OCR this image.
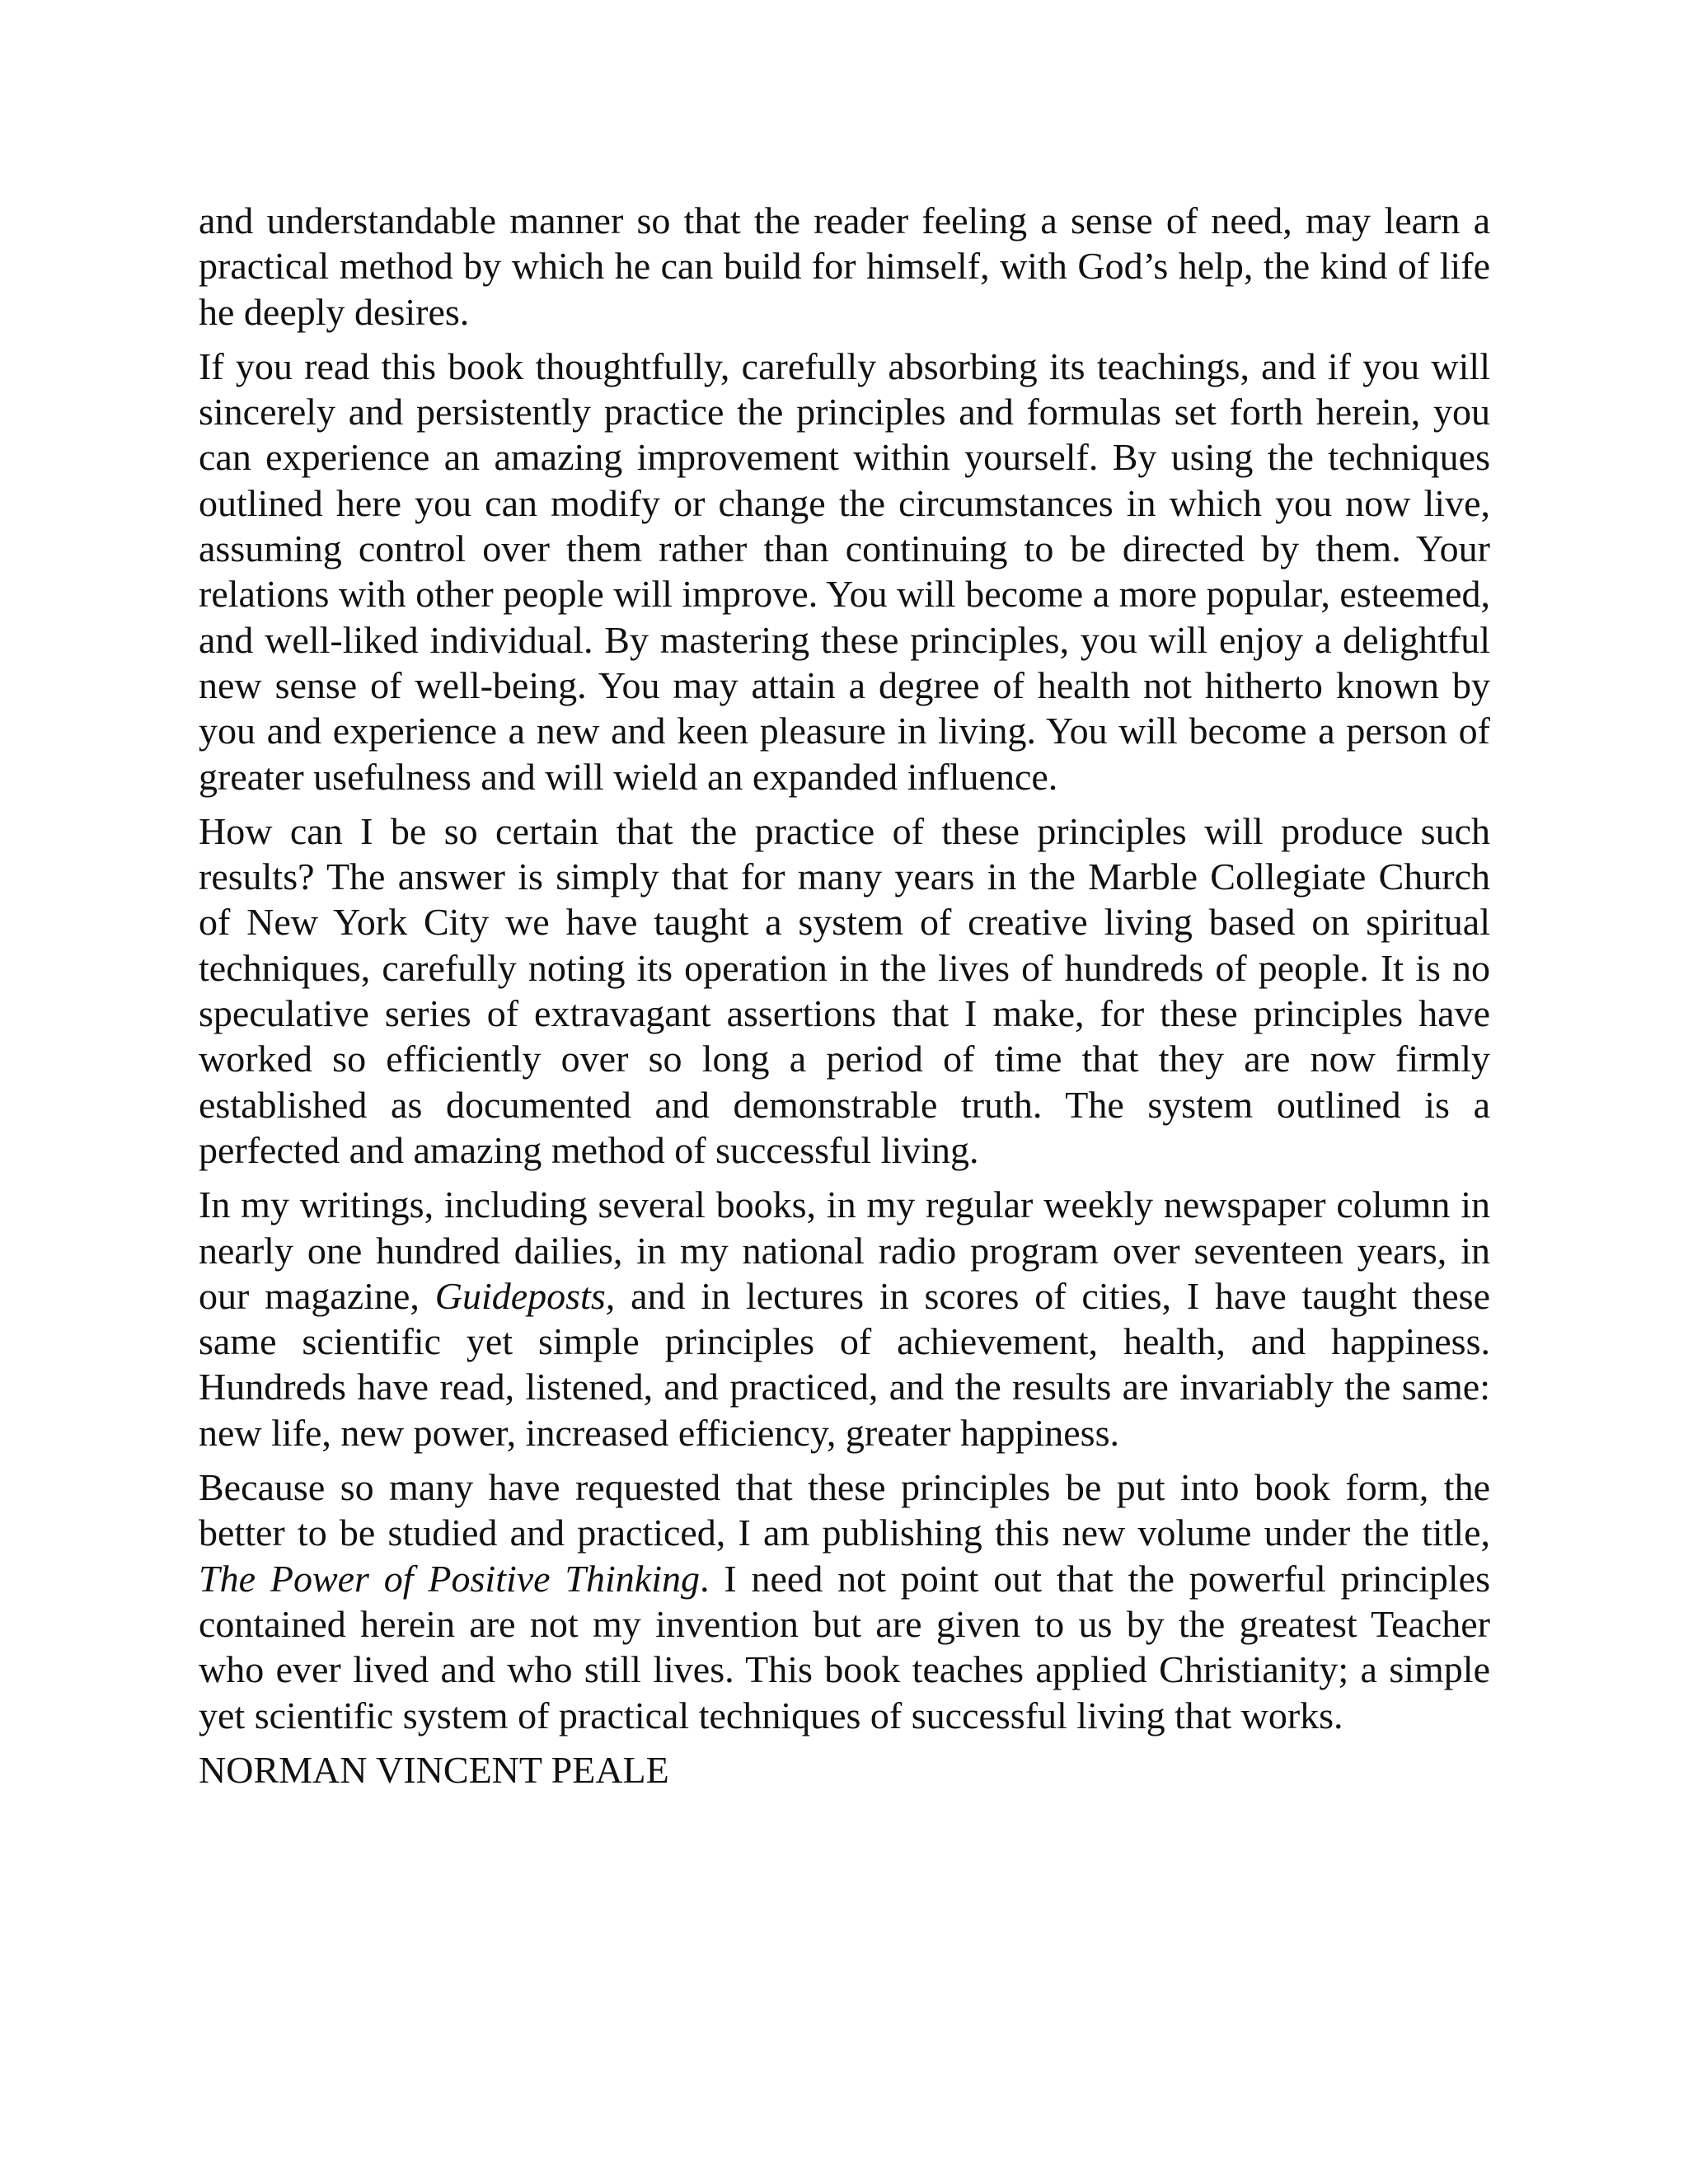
and understandable manner so that the reader feeling a sense of need, may learn a practical method by which he can build for himself, with God’s help, the kind of life he deeply desires.

If you read this book thoughtfully, carefully absorbing its teachings, and if you will sincerely and persistently practice the principles and formulas set forth herein, you can experience an amazing improvement within yourself. By using the techniques outlined here you can modify or change the circumstances in which you now live, assuming control over them rather than continuing to be directed by them. Your relations with other people will improve. You will become a more popular, esteemed, and well-liked individual. By mastering these principles, you will enjoy a delightful new sense of well-being. You may attain a degree of health not hitherto known by you and experience a new and keen pleasure in living. You will become a person of greater usefulness and will wield an expanded influence.

How can I be so certain that the practice of these principles will produce such results? The answer is simply that for many years in the Marble Collegiate Church of New York City we have taught a system of creative living based on spiritual techniques, carefully noting its operation in the lives of hundreds of people. It is no speculative series of extravagant assertions that I make, for these principles have worked so efficiently over so long a period of time that they are now firmly established as documented and demonstrable truth. The system outlined is a perfected and amazing method of successful living.

In my writings, including several books, in my regular weekly newspaper column in nearly one hundred dailies, in my national radio program over seventeen years, in our magazine, Guideposts, and in lectures in scores of cities, I have taught these same scientific yet simple principles of achievement, health, and happiness. Hundreds have read, listened, and practiced, and the results are invariably the same: new life, new power, increased efficiency, greater happiness.

Because so many have requested that these principles be put into book form, the better to be studied and practiced, I am publishing this new volume under the title, The Power of Positive Thinking. I need not point out that the powerful principles contained herein are not my invention but are given to us by the greatest Teacher who ever lived and who still lives. This book teaches applied Christianity; a simple yet scientific system of practical techniques of successful living that works.

NORMAN VINCENT PEALE
